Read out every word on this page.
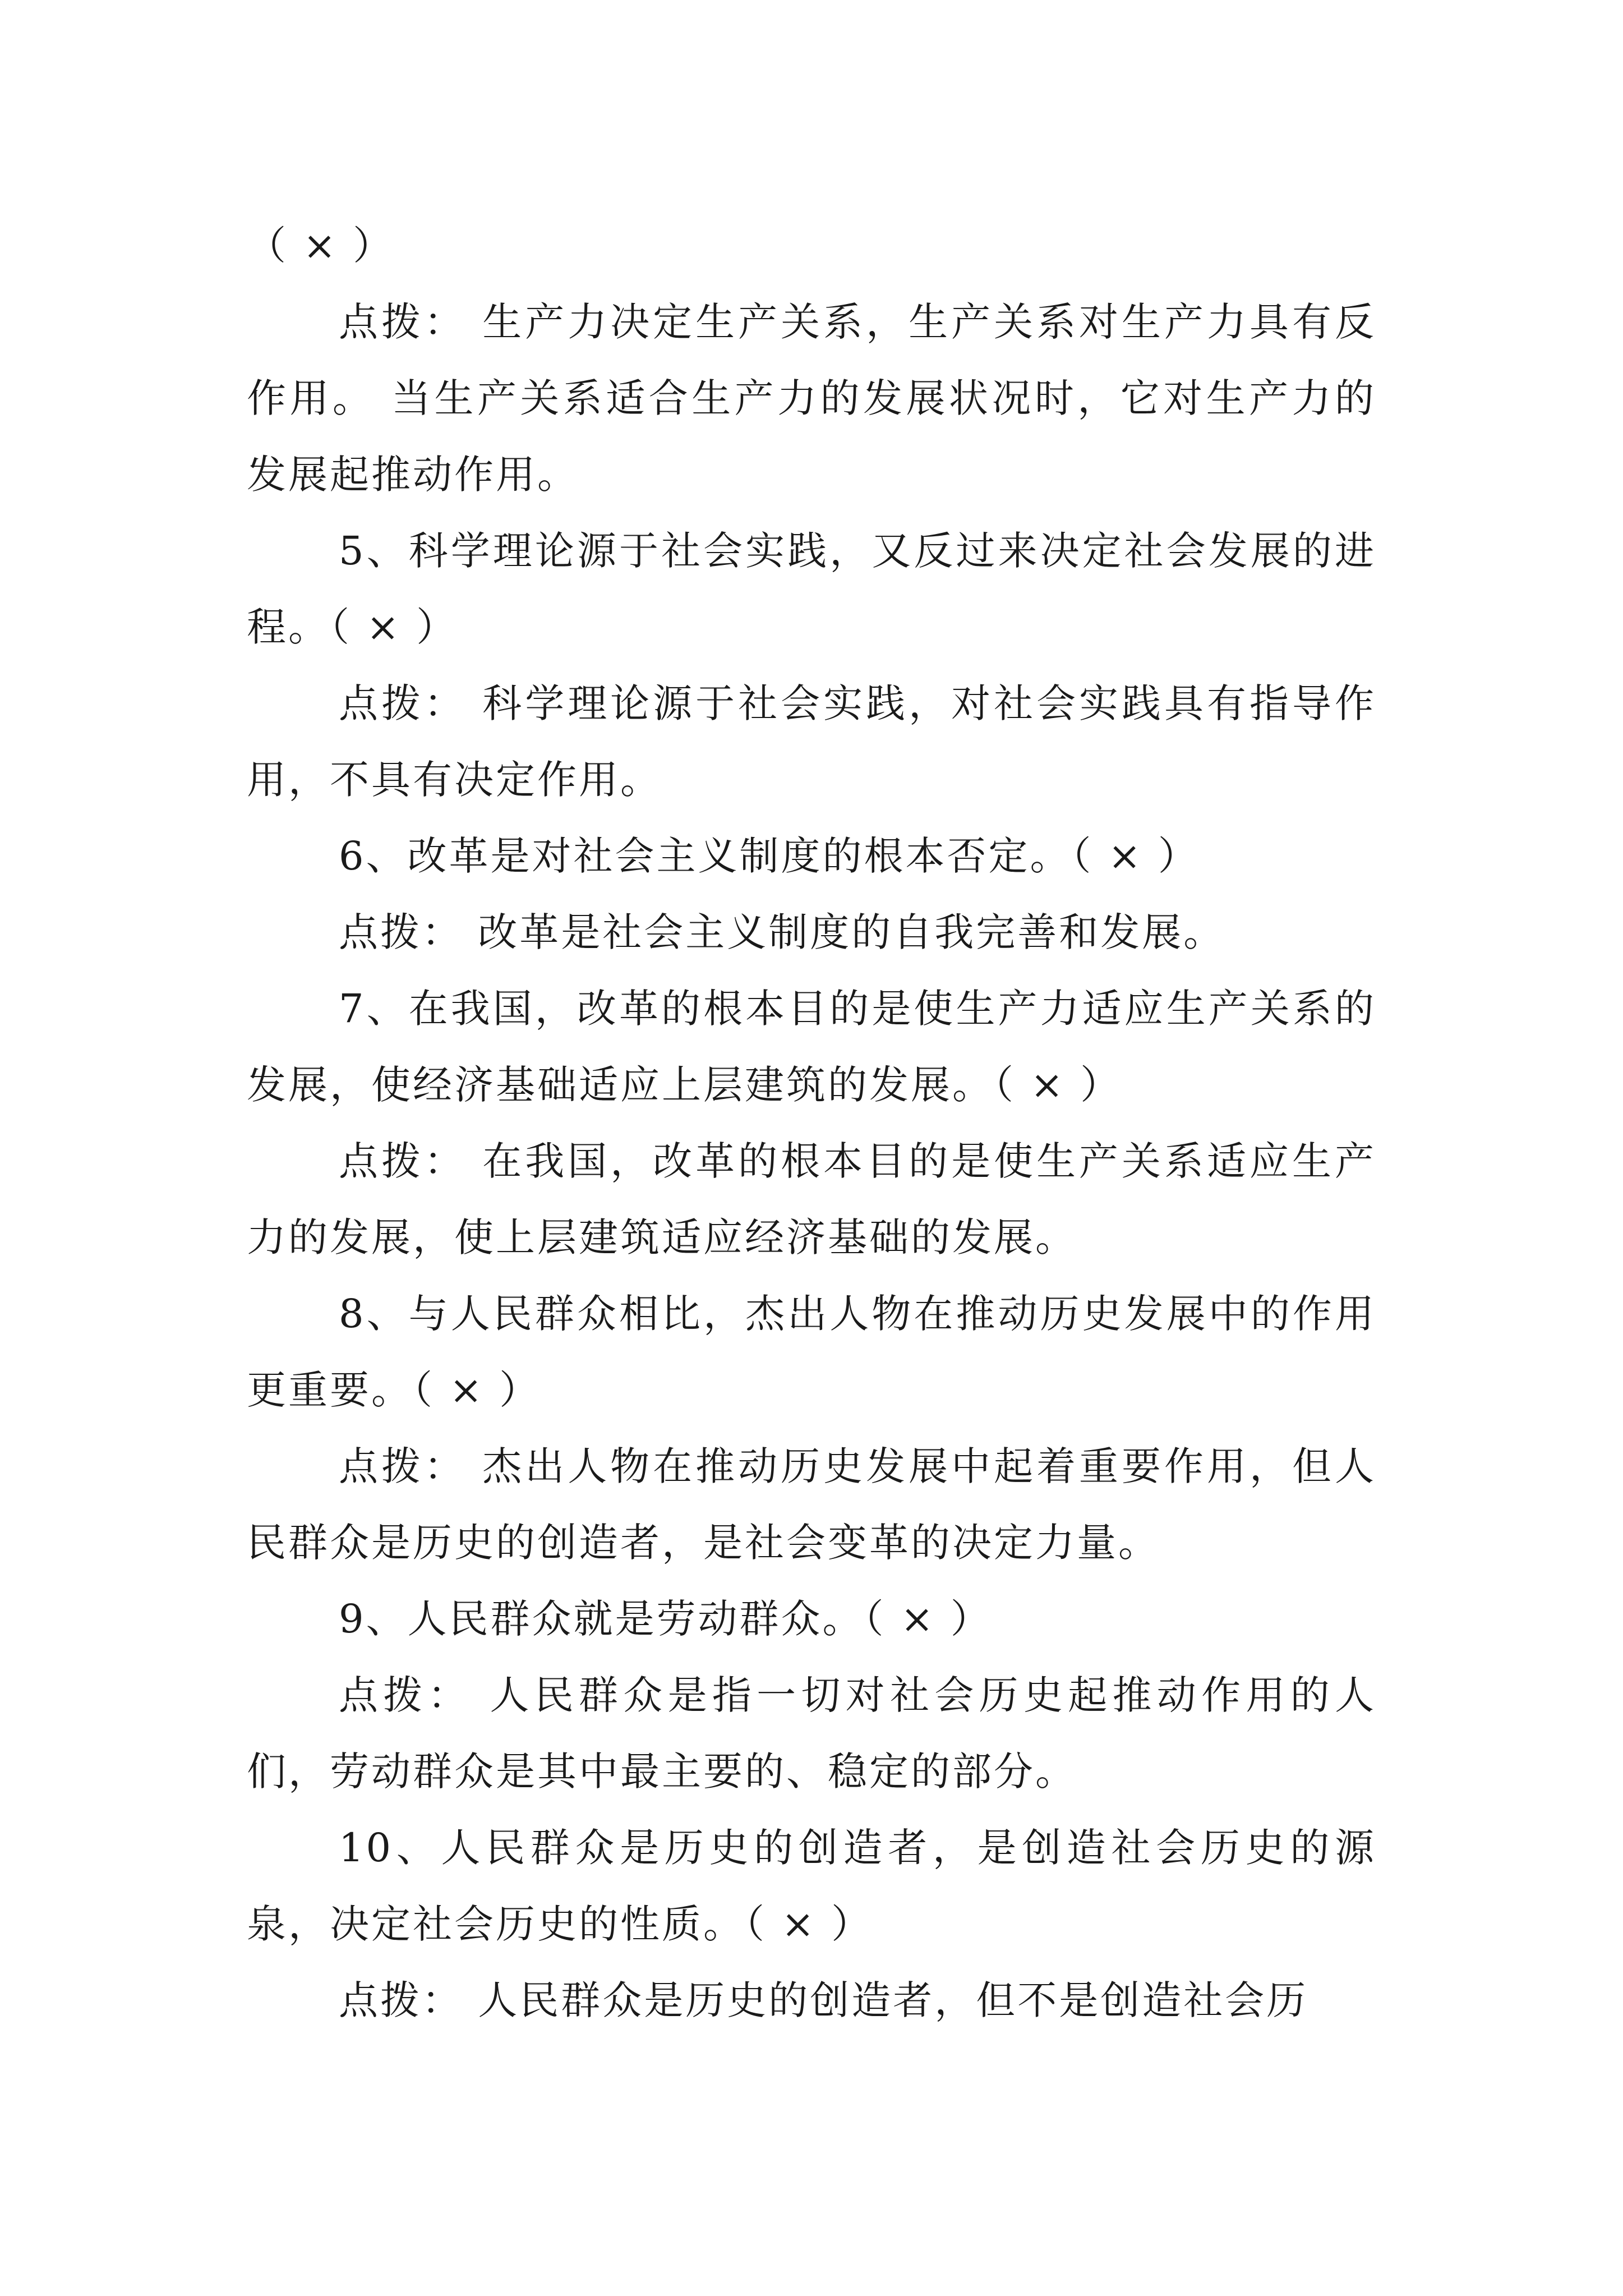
（ × ）

点拨： 生产力决定生产关系，生产关系对生产力具有反作用。 当生产关系适合生产力的发展状况时，它对生产力的发展起推动作用。

5、科学理论源于社会实践，又反过来决定社会发展的进程。（ × ）

点拨： 科学理论源于社会实践，对社会实践具有指导作用，不具有决定作用。

6、改革是对社会主义制度的根本否定。（ × ）

点拨： 改革是社会主义制度的自我完善和发展。

7、在我国，改革的根本目的是使生产力适应生产关系的发展，使经济基础适应上层建筑的发展。（ × ）

点拨： 在我国，改革的根本目的是使生产关系适应生产力的发展，使上层建筑适应经济基础的发展。

8、与人民群众相比，杰出人物在推动历史发展中的作用更重要。（ × ）

点拨： 杰出人物在推动历史发展中起着重要作用，但人民群众是历史的创造者，是社会变革的决定力量。

9、人民群众就是劳动群众。（ × ）

点拨： 人民群众是指一切对社会历史起推动作用的人们，劳动群众是其中最主要的、稳定的部分。

10、人民群众是历史的创造者，是创造社会历史的源泉，决定社会历史的性质。（ × ）

点拨： 人民群众是历史的创造者，但不是创造社会历
